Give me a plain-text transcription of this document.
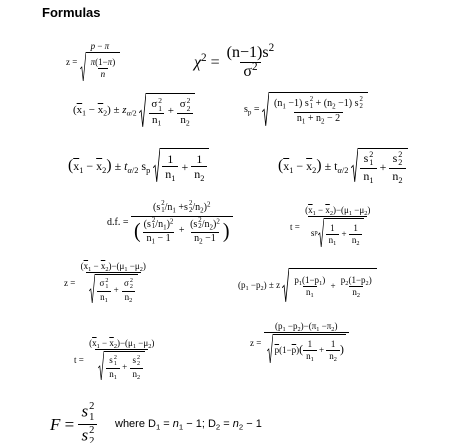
Formulas
z =
p − π
$\frac{\pi(1-\pi)}{n}$	$\chi^2 = \frac{(n-1)s^2}{\sigma^2}$
$(\overline{x}_1 - \overline{x}_2) \pm z_{\alpha/2}$ σ 2
1
$n_1 + \sigma$ 2
2
$n_2$	$s_p = (n_1 -1)$ s 2
$1 + (n_2 -1)$ s 2
2
$n_1 + n_2 - 2$
$(\overline{x}_1 - \overline{x}_2) \pm t_{\alpha/2}$ $s_p \frac{1}{n_1} + \frac{1}{n_2}$	$(\overline{x}_1 - \overline{x}_2) \pm t_{\alpha/2}$ s 2
1
$n_1 + s$ 2
2
$n_2$
d.f. =
(s 2
1 $/n_1 +s$ 2
2 $/n_2)^2$
( (s 2
1 $/n_1)^2$
$n_1 - 1 + (s$ 2
2 $/n_2)^2$
$n_2 -1$ )	t =
$(\overline{x}_1 - \overline{x}_2)-(\mu_1 -\mu_2)$
s p $\frac{1}{n_1} + \frac{1}{n_2}$
$z = (\overline{x}_1 - \overline{x}_2)-(\mu_1 -\mu_2)$
σ 2
1
$n_1 + \sigma$ 2
2
$n_2$	$(p_1 -p_2) \pm z \frac{p_1(1-p_1)}{n_1} + \frac{p_2(1-p_2)}{n_2}$
z =
$(p_1 -p_2)-(\pi_1 -\pi_2)$
$\overline{p}$ ($1- \overline{p}$ ) ( $\frac{1}{n_1} + \frac{1}{n_2}$ )
$t = (\overline{x}_1 - \overline{x}_2)-(\mu_1 -\mu_2)$
s 2
1
$n_1 + s$ 2
2
$n_2$
F = s 2
1
s 2
2 where $D_1 = n_1 - 1$; $D_2 = n_2 - 1$
